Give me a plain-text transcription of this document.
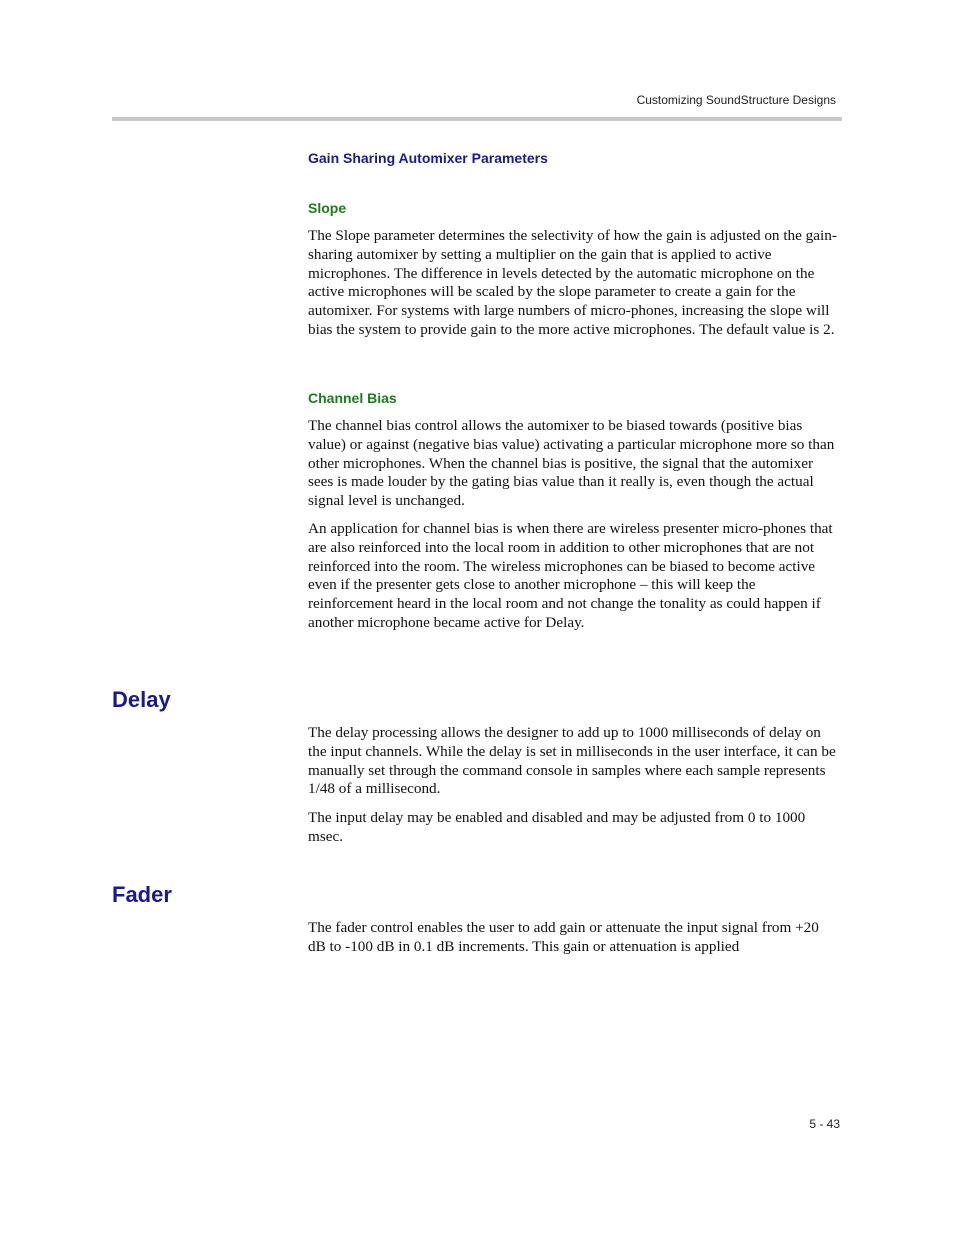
Customizing SoundStructure Designs
Gain Sharing Automixer Parameters
Slope

The Slope parameter determines the selectivity of how the gain is adjusted on the gain-sharing automixer by setting a multiplier on the gain that is applied to active microphones. The difference in levels detected by the automatic microphone on the active microphones will be scaled by the slope parameter to create a gain for the automixer. For systems with large numbers of micro-phones, increasing the slope will bias the system to provide gain to the more active microphones. The default value is 2.

Channel Bias

The channel bias control allows the automixer to be biased towards (positive bias value) or against (negative bias value) activating a particular microphone more so than other microphones. When the channel bias is positive, the signal that the automixer sees is made louder by the gating bias value than it really is, even though the actual signal level is unchanged.

An application for channel bias is when there are wireless presenter micro-phones that are also reinforced into the local room in addition to other microphones that are not reinforced into the room. The wireless microphones can be biased to become active even if the presenter gets close to another microphone – this will keep the reinforcement heard in the local room and not change the tonality as could happen if another microphone became active for Delay.

Delay

The delay processing allows the designer to add up to 1000 milliseconds of delay on the input channels. While the delay is set in milliseconds in the user interface, it can be manually set through the command console in samples where each sample represents 1/48 of a millisecond.

The input delay may be enabled and disabled and may be adjusted from 0 to 1000 msec.

Fader

The fader control enables the user to add gain or attenuate the input signal from +20 dB to -100 dB in 0.1 dB increments. This gain or attenuation is applied

5 - 43
